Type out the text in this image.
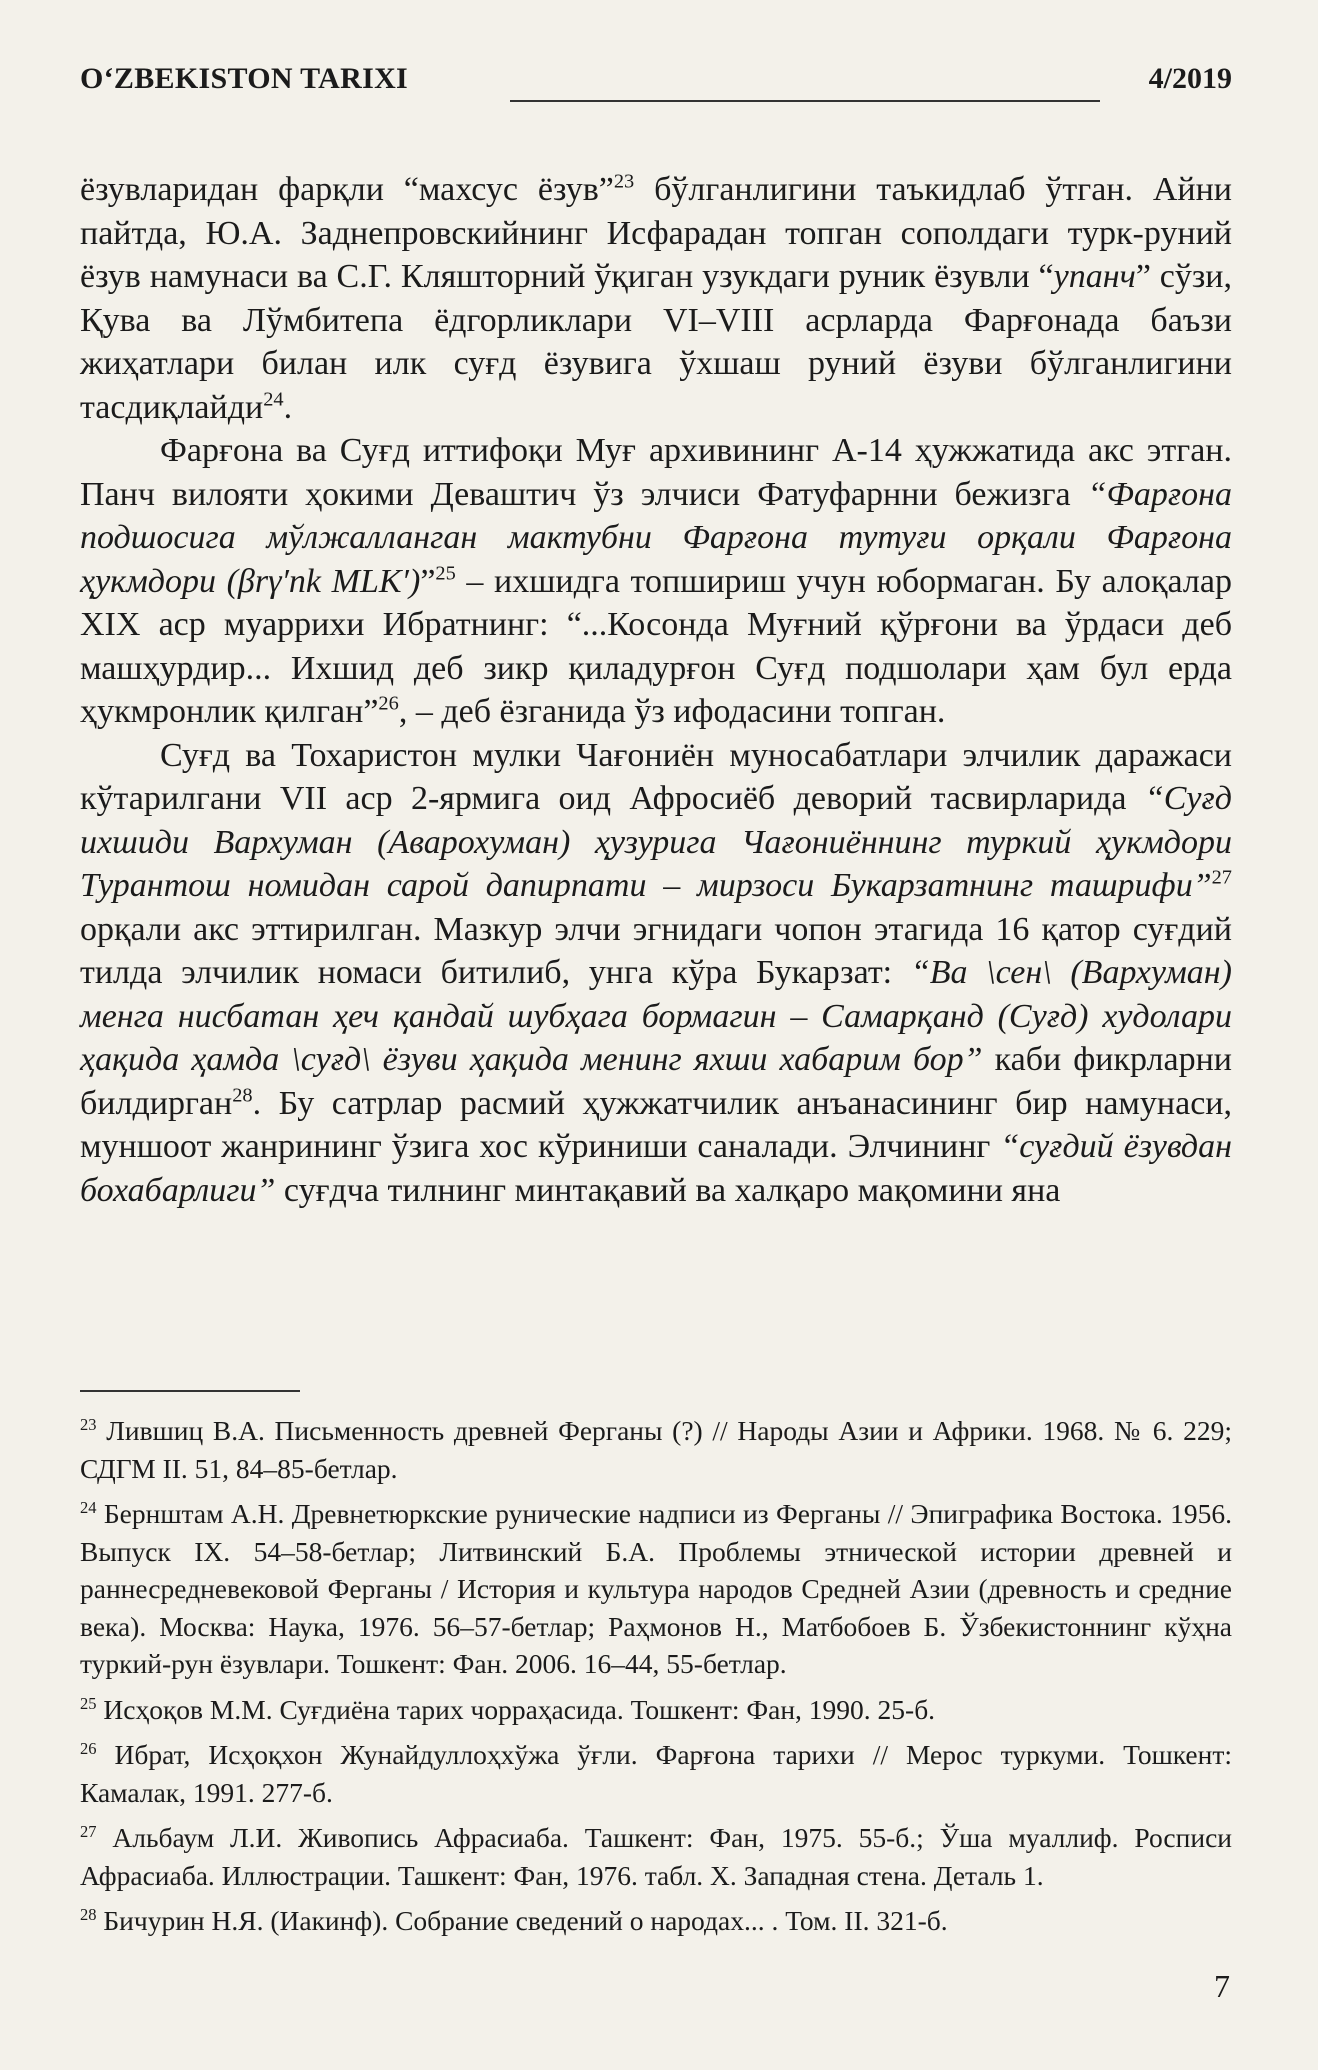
O‘ZBEKISTON TARIXI	4/2019

ёзувларидан фарқли “махсус ёзув”$^{23}$ бўлганлигини таъкидлаб ўтган. Айни пайтда, Ю.А. Заднепровскийнинг Исфарадан топган сополдаги турк-руний ёзув намунаси ва С.Г. Кляшторний ўқиган узукдаги руник ёзувли “упанч” сўзи, Қува ва Лўмбитепа ёдгорликлари VI–VIII асрларда Фарғонада баъзи жиҳатлари билан илк суғд ёзувига ўхшаш руний ёзуви бўлганлигини тасдиқлайди$^{24}$.

Фарғона ва Суғд иттифоқи Муғ архивининг А-14 ҳужжатида акс этган. Панч вилояти ҳокими Деваштич ўз элчиси Фатуфарнни бежизга “Фарғона подшосига мўлжалланган мактубни Фарғона тутуғи орқали Фарғона ҳукмдори (βrγ′nk MLK′)”$^{25}$ – ихшидга топшириш учун юбормаган. Бу алоқалар XIX аср муаррихи Ибратнинг: “...Косонда Муғний қўрғони ва ўрдаси деб машҳурдир... Ихшид деб зикр қиладурғон Суғд подшолари ҳам бул ерда ҳукмронлик қилган”$^{26}$, – деб ёзганида ўз ифодасини топган.

Суғд ва Тохаристон мулки Чағониён муносабатлари элчилик даражаси кўтарилгани VII аср 2-ярмига оид Афросиёб деворий тасвирларида “Суғд ихшиди Вархуман (Аварохуман) ҳузурига Чағониённинг туркий ҳукмдори Турантош номидан сарой дапирпати – мирзоси Букарзатнинг ташрифи”$^{27}$ орқали акс эттирилган. Мазкур элчи эгнидаги чопон этагида 16 қатор суғдий тилда элчилик номаси битилиб, унга кўра Букарзат: “Ва \сен\ (Вархуман) менга нисбатан ҳеч қандай шубҳага бормагин – Самарқанд (Суғд) худолари ҳақида ҳамда \суғд\ ёзуви ҳақида менинг яхши хабарим бор” каби фикрларни билдирган$^{28}$. Бу сатрлар расмий ҳужжатчилик анъанасининг бир намунаси, муншоот жанрининг ўзига хос кўриниши саналади. Элчининг “суғдий ёзувдан бохабарлиги” суғдча тилнинг минтақавий ва халқаро мақомини яна

$^{23}$ Лившиц В.А. Письменность древней Ферганы (?) // Народы Азии и Африки. 1968. № 6. 229; СДГМ II. 51, 84–85-бетлар.

$^{24}$ Бернштам А.Н. Древнетюркские рунические надписи из Ферганы // Эпиграфика Востока. 1956. Выпуск IX. 54–58-бетлар; Литвинский Б.А. Проблемы этнической истории древней и раннесредневековой Ферганы / История и культура народов Средней Азии (древность и средние века). Москва: Наука, 1976. 56–57-бетлар; Раҳмонов Н., Матбобоев Б. Ўзбекистоннинг кўҳна туркий-рун ёзувлари. Тошкент: Фан. 2006. 16–44, 55-бетлар.

$^{25}$ Исҳоқов М.М. Суғдиёна тарих чорраҳасида. Тошкент: Фан, 1990. 25-б.

$^{26}$ Ибрат, Исҳоқхон Жунайдуллоҳхўжа ўғли. Фарғона тарихи // Мерос туркуми. Тошкент: Камалак, 1991. 277-б.

$^{27}$ Альбаум Л.И. Живопись Афрасиаба. Ташкент: Фан, 1975. 55-б.; Ўша муаллиф. Росписи Афрасиаба. Иллюстрации. Ташкент: Фан, 1976. табл. X. Западная стена. Деталь 1.

$^{28}$ Бичурин Н.Я. (Иакинф). Собрание сведений о народах... . Том. II. 321-б.

7
